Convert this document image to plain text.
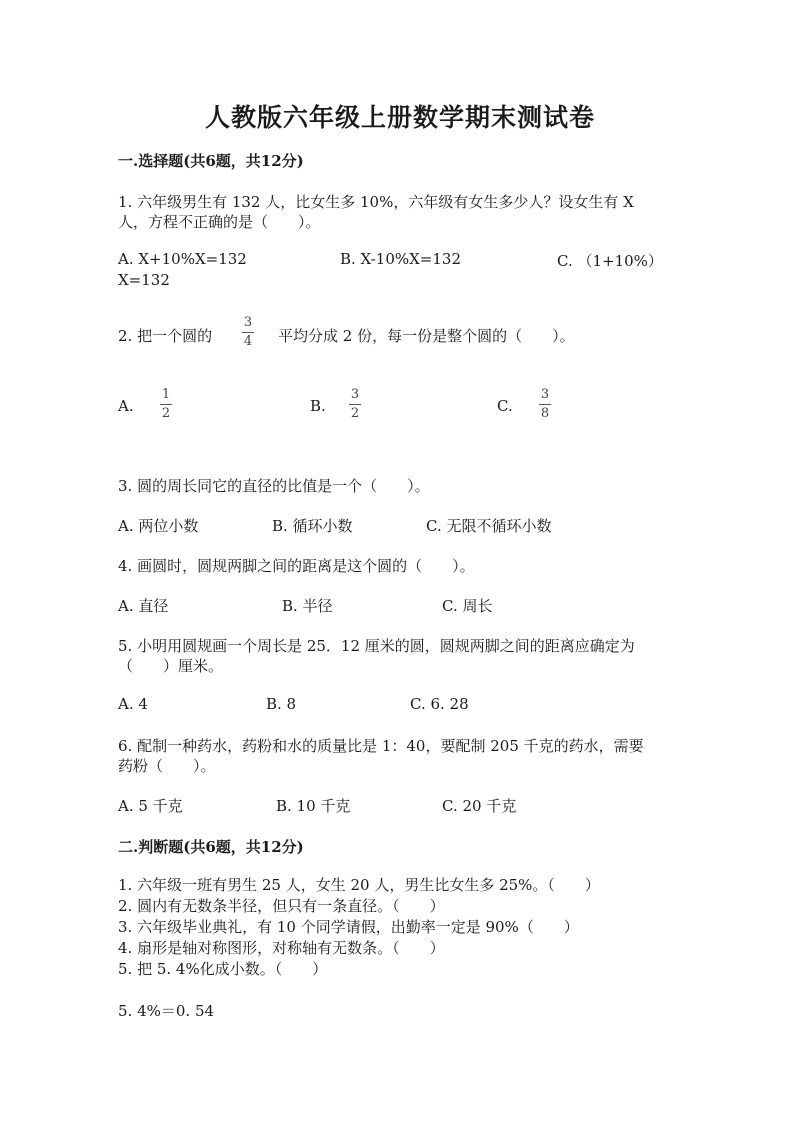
人教版六年级上册数学期末测试卷
一.选择题(共6题，共12分)
1. 六年级男生有 132 人，比女生多 10%，六年级有女生多少人？设女生有 X
人，方程不正确的是（　　）。
A. X+10%X=132	B. X-10%X=132	C. （1+10%）
X=132
2. 把一个圆的
3
4 平均分成 2 份，每一份是整个圆的（　　）。
A.
1
2	B.
3
2	C.
3
8
3. 圆的周长同它的直径的比值是一个（　　）。
A. 两位小数	B. 循环小数	C. 无限不循环小数
4. 画圆时，圆规两脚之间的距离是这个圆的（　　）。
A. 直径	B. 半径	C. 周长
5. 小明用圆规画一个周长是 25．12 厘米的圆，圆规两脚之间的距离应确定为
（　　）厘米。
A. 4	B. 8	C. 6. 28
6. 配制一种药水，药粉和水的质量比是 1：40，要配制 205 千克的药水，需要
药粉（　　）。
A. 5 千克	B. 10 千克	C. 20 千克
二.判断题(共6题，共12分)
1. 六年级一班有男生 25 人，女生 20 人，男生比女生多 25%。（　　）
2. 圆内有无数条半径，但只有一条直径。（　　）
3. 六年级毕业典礼，有 10 个同学请假，出勤率一定是 90%（　　）
4. 扇形是轴对称图形，对称轴有无数条。（　　）
5. 把 5. 4%化成小数。（　　）
5. 4%＝0. 54
